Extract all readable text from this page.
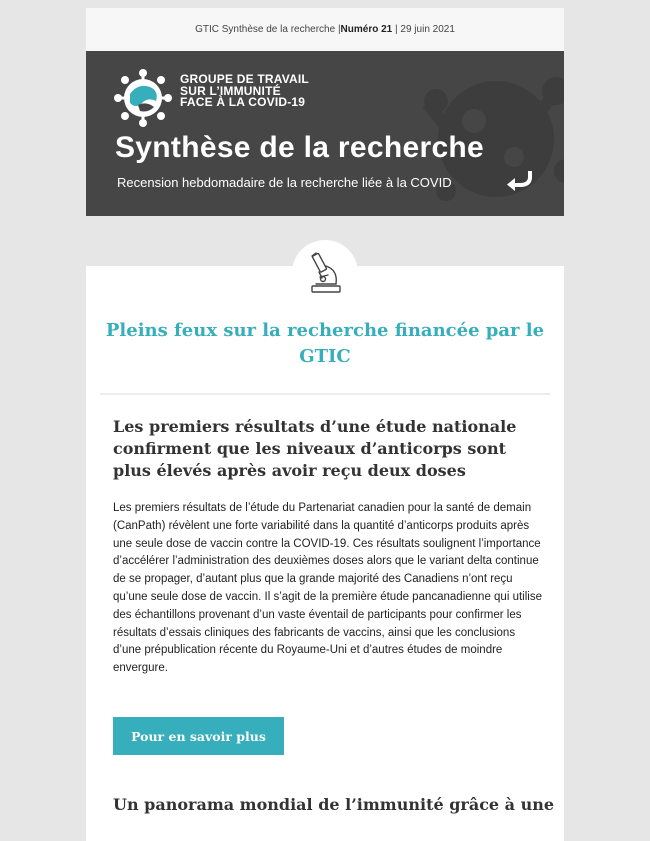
GTIC Synthèse de la recherche |Numéro 21 | 29 juin 2021
GROUPE DE TRAVAIL
SUR L’IMMUNITÉ
FACE À LA COVID-19
Synthèse de la recherche
Recension hebdomadaire de la recherche liée à la COVID
Pleins feux sur la recherche financée par le GTIC
Les premiers résultats d’une étude nationale confirment que les niveaux d’anticorps sont plus élevés après avoir reçu deux doses
Les premiers résultats de l’étude du Partenariat canadien pour la santé de demain (CanPath) révèlent une forte variabilité dans la quantité d’anticorps produits après une seule dose de vaccin contre la COVID-19. Ces résultats soulignent l’importance d’accélérer l’administration des deuxièmes doses alors que le variant delta continue de se propager, d’autant plus que la grande majorité des Canadiens n’ont reçu qu’une seule dose de vaccin. Il s’agit de la première étude pancanadienne qui utilise des échantillons provenant d’un vaste éventail de participants pour confirmer les résultats d’essais cliniques des fabricants de vaccins, ainsi que les conclusions d’une prépublication récente du Royaume-Uni et d’autres études de moindre envergure.
Pour en savoir plus
Un panorama mondial de l’immunité grâce à une
